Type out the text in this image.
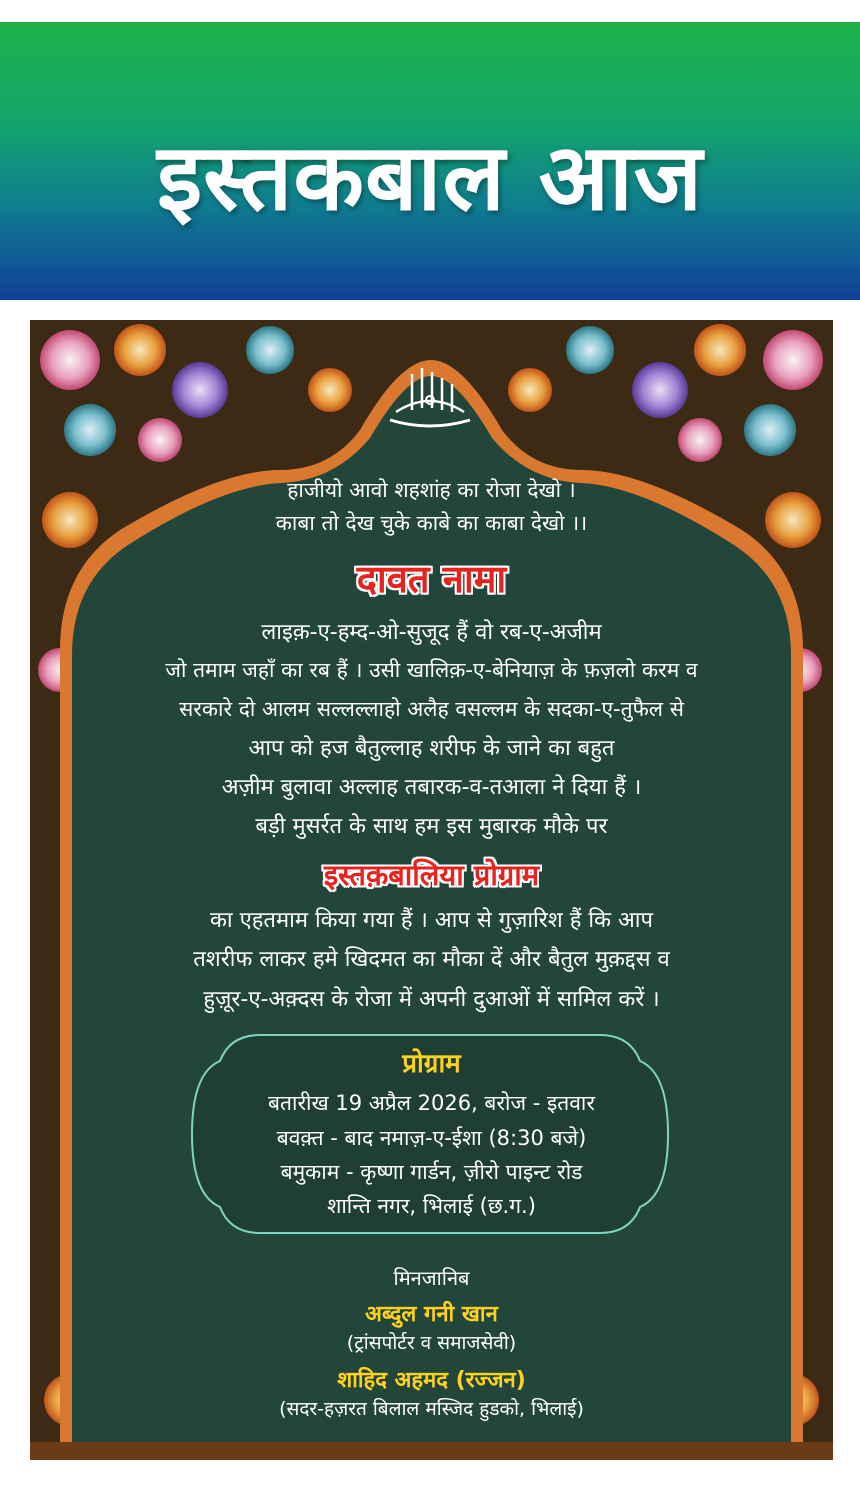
इस्तकबाल आज
हाजीयो आवो शहशांह का रोजा देखो ।
काबा तो देख चुके काबे का काबा देखो ।।
दावत नामा
लाइक़-ए-हम्द-ओ-सुजूद हैं वो रब-ए-अजीम
जो तमाम जहाँ का रब हैं । उसी खालिक़-ए-बेनियाज़ के फ़ज़लो करम व
सरकारे दो आलम सल्लल्लाहो अलैह वसल्लम के सदका-ए-तुफैल से
आप को हज बैतुल्लाह शरीफ के जाने का बहुत
अज़ीम बुलावा अल्लाह तबारक-व-तआला ने दिया हैं ।
बड़ी मुसर्रत के साथ हम इस मुबारक मौके पर
इस्तक़बालिया प्रोग्राम
का एहतमाम किया गया हैं । आप से गुज़ारिश हैं कि आप
तशरीफ लाकर हमे खिदमत का मौका दें और बैतुल मुक़द्दस व
हुज़ूर-ए-अक़्दस के रोजा में अपनी दुआओं में सामिल करें ।
प्रोग्राम
बतारीख 19 अप्रैल 2026, बरोज - इतवार
बवक़्त - बाद नमाज़-ए-ईशा (8:30 बजे)
बमुकाम - कृष्णा गार्डन, ज़ीरो पाइन्ट रोड
शान्ति नगर, भिलाई (छ.ग.)
मिनजानिब
अब्दुल गनी खान
(ट्रांसपोर्टर व समाजसेवी)
शाहिद अहमद (रज्जन)
(सदर-हज़रत बिलाल मस्जिद हुडको, भिलाई)
